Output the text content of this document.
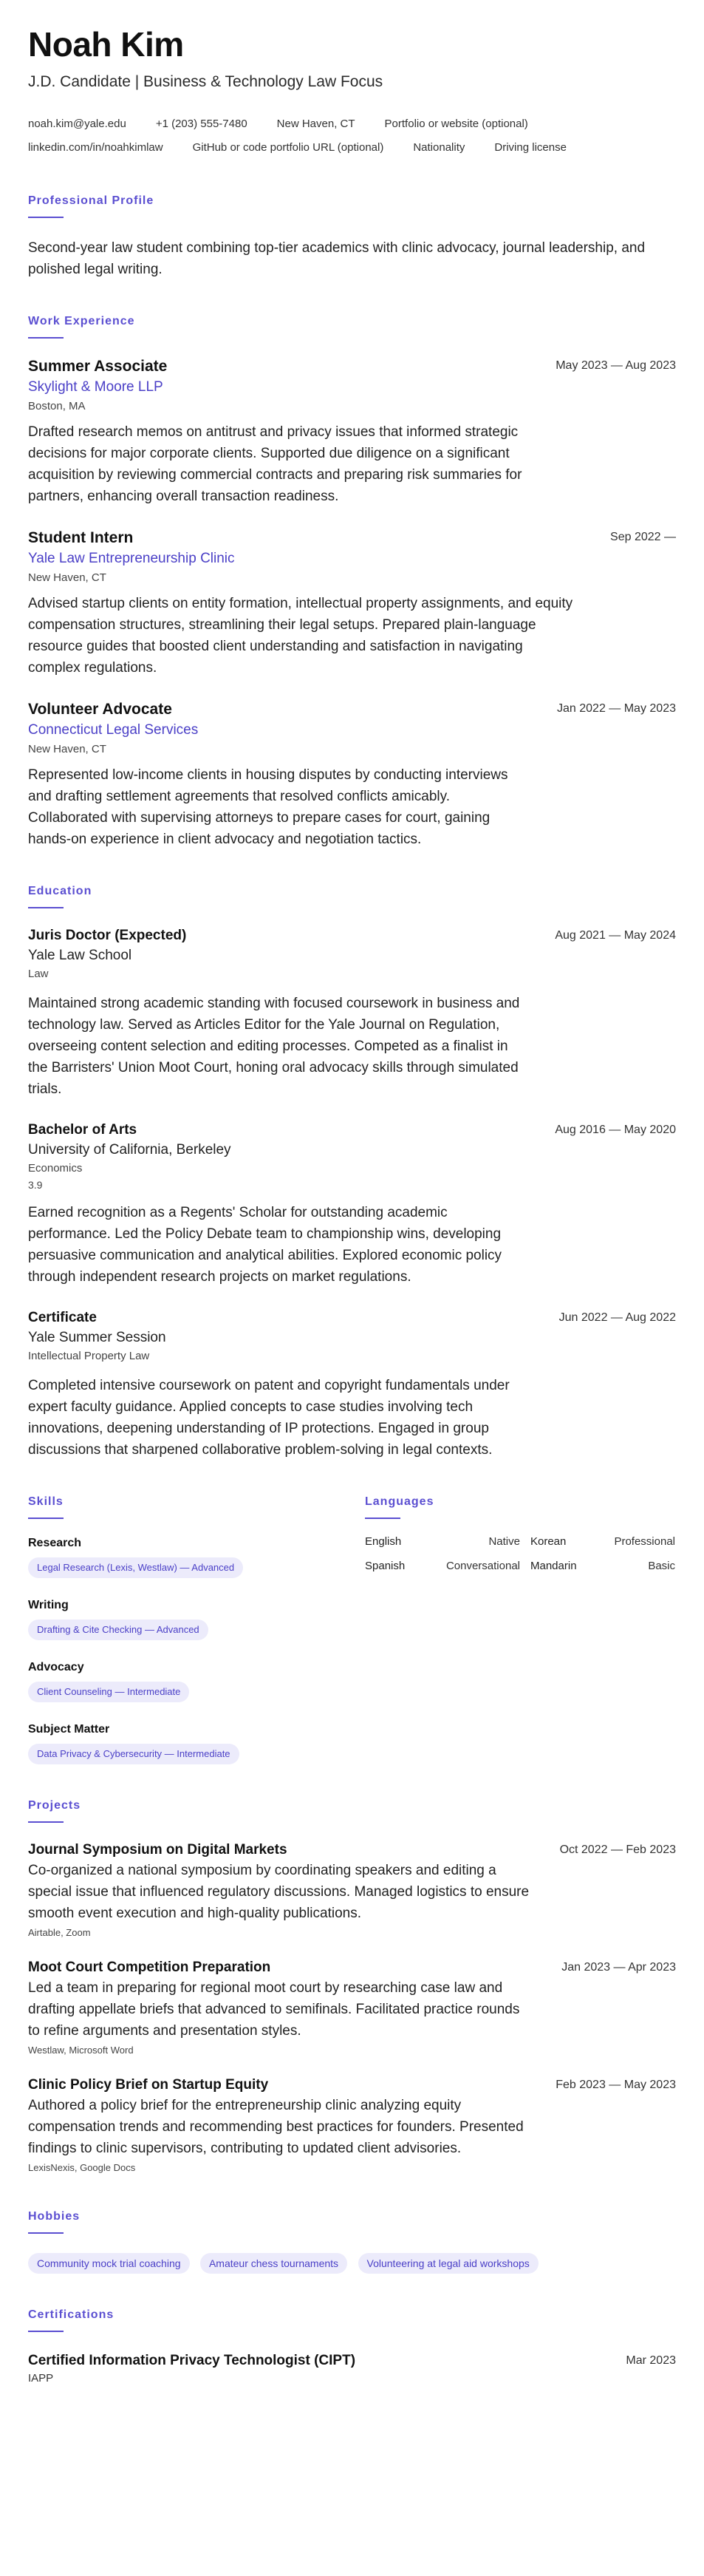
Noah Kim
J.D. Candidate | Business & Technology Law Focus
noah.kim@yale.edu	+1 (203) 555-7480	New Haven, CT	Portfolio or website (optional)
linkedin.com/in/noahkimlaw	GitHub or code portfolio URL (optional)	Nationality	Driving license
Professional Profile
Second-year law student combining top-tier academics with clinic advocacy, journal leadership, and polished legal writing.
Work Experience
Summer Associate	May 2023 — Aug 2023
Skylight & Moore LLP
Boston, MA
Drafted research memos on antitrust and privacy issues that informed strategic decisions for major corporate clients. Supported due diligence on a significant acquisition by reviewing commercial contracts and preparing risk summaries for partners, enhancing overall transaction readiness.
Student Intern	Sep 2022 —
Yale Law Entrepreneurship Clinic
New Haven, CT
Advised startup clients on entity formation, intellectual property assignments, and equity compensation structures, streamlining their legal setups. Prepared plain-language resource guides that boosted client understanding and satisfaction in navigating complex regulations.
Volunteer Advocate	Jan 2022 — May 2023
Connecticut Legal Services
New Haven, CT
Represented low-income clients in housing disputes by conducting interviews and drafting settlement agreements that resolved conflicts amicably. Collaborated with supervising attorneys to prepare cases for court, gaining hands-on experience in client advocacy and negotiation tactics.
Education
Juris Doctor (Expected)	Aug 2021 — May 2024
Yale Law School
Law
Maintained strong academic standing with focused coursework in business and technology law. Served as Articles Editor for the Yale Journal on Regulation, overseeing content selection and editing processes. Competed as a finalist in the Barristers' Union Moot Court, honing oral advocacy skills through simulated trials.
Bachelor of Arts	Aug 2016 — May 2020
University of California, Berkeley
Economics
3.9
Earned recognition as a Regents' Scholar for outstanding academic performance. Led the Policy Debate team to championship wins, developing persuasive communication and analytical abilities. Explored economic policy through independent research projects on market regulations.
Certificate	Jun 2022 — Aug 2022
Yale Summer Session
Intellectual Property Law
Completed intensive coursework on patent and copyright fundamentals under expert faculty guidance. Applied concepts to case studies involving tech innovations, deepening understanding of IP protections. Engaged in group discussions that sharpened collaborative problem-solving in legal contexts.
Skills
Research
Legal Research (Lexis, Westlaw) — Advanced
Writing
Drafting & Cite Checking — Advanced
Advocacy
Client Counseling — Intermediate
Subject Matter
Data Privacy & Cybersecurity — Intermediate
Languages
English	Native Korean	Professional
Spanish	Conversational Mandarin	Basic
Projects
Journal Symposium on Digital Markets	Oct 2022 — Feb 2023
Co-organized a national symposium by coordinating speakers and editing a special issue that influenced regulatory discussions. Managed logistics to ensure smooth event execution and high-quality publications.
Airtable, Zoom
Moot Court Competition Preparation	Jan 2023 — Apr 2023
Led a team in preparing for regional moot court by researching case law and drafting appellate briefs that advanced to semifinals. Facilitated practice rounds to refine arguments and presentation styles.
Westlaw, Microsoft Word
Clinic Policy Brief on Startup Equity	Feb 2023 — May 2023
Authored a policy brief for the entrepreneurship clinic analyzing equity compensation trends and recommending best practices for founders. Presented findings to clinic supervisors, contributing to updated client advisories.
LexisNexis, Google Docs
Hobbies
Community mock trial coaching	Amateur chess tournaments	Volunteering at legal aid workshops
Certifications
Certified Information Privacy Technologist (CIPT)	Mar 2023
IAPP
